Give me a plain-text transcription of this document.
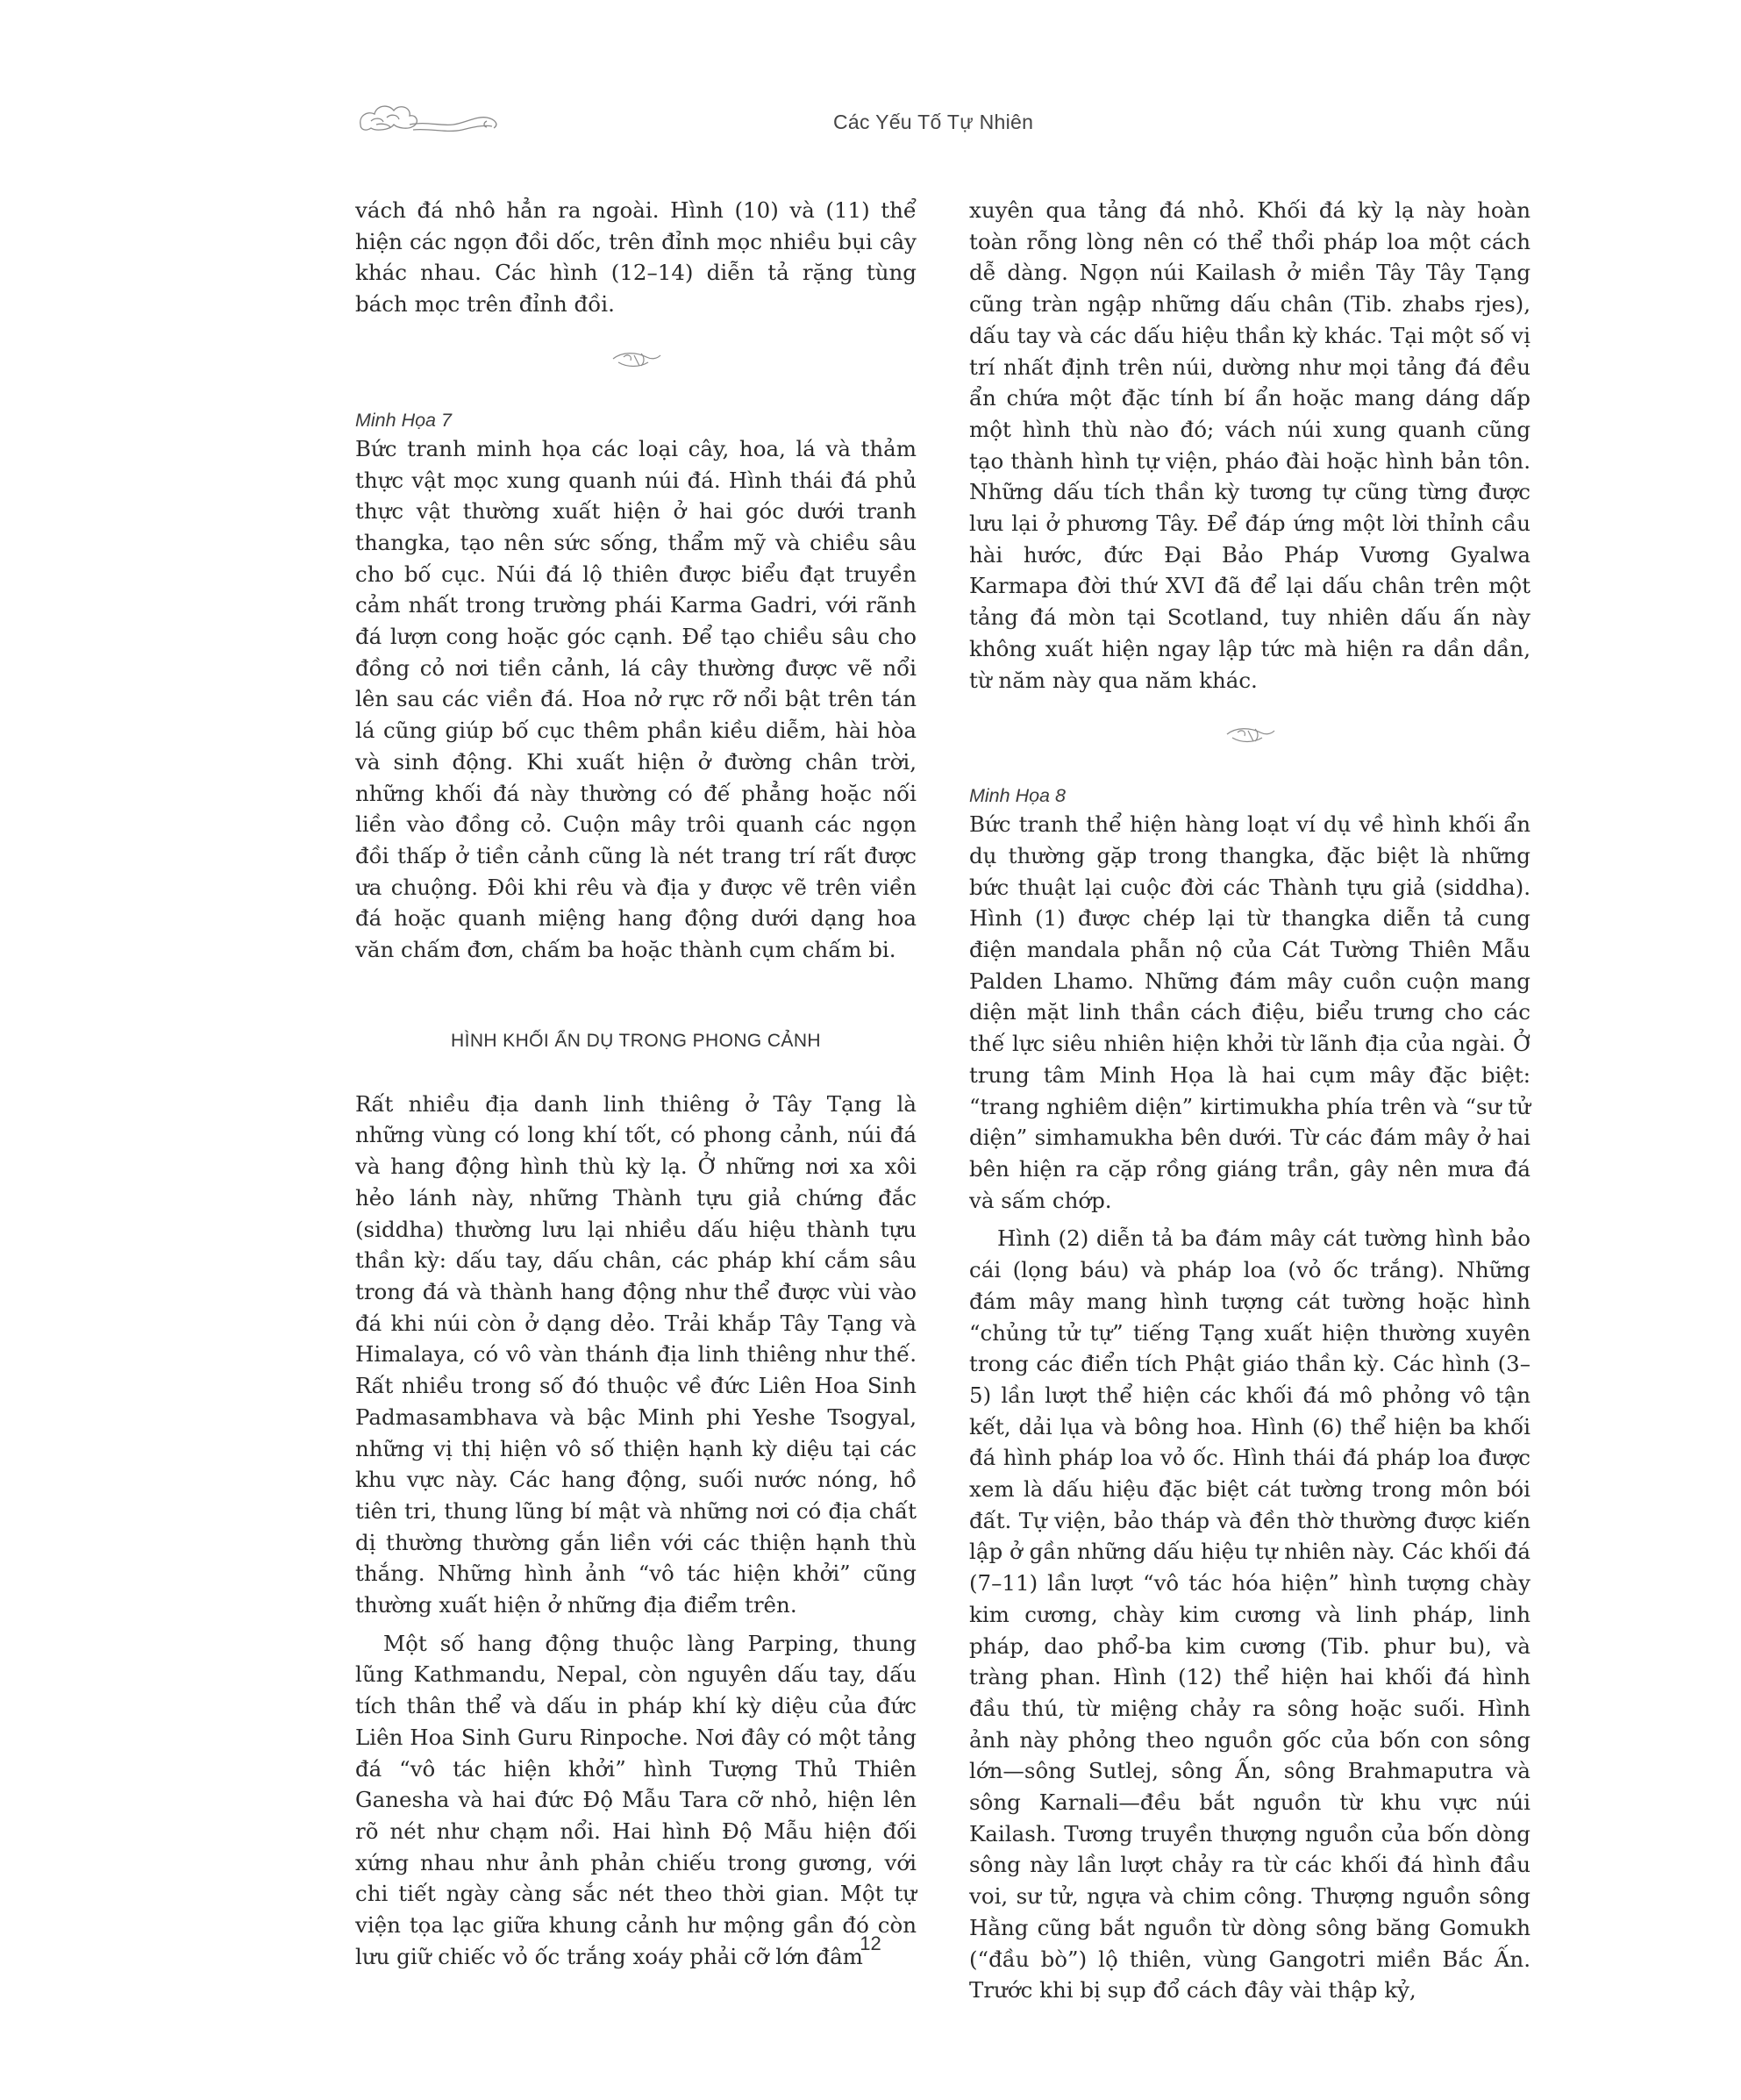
Các Yếu Tố Tự Nhiên

vách đá nhô hẳn ra ngoài. Hình (10) và (11) thể hiện các ngọn đồi dốc, trên đỉnh mọc nhiều bụi cây khác nhau. Các hình (12–14) diễn tả rặng tùng bách mọc trên đỉnh đồi.

Minh Họa 7

Bức tranh minh họa các loại cây, hoa, lá và thảm thực vật mọc xung quanh núi đá. Hình thái đá phủ thực vật thường xuất hiện ở hai góc dưới tranh thangka, tạo nên sức sống, thẩm mỹ và chiều sâu cho bố cục. Núi đá lộ thiên được biểu đạt truyền cảm nhất trong trường phái Karma Gadri, với rãnh đá lượn cong hoặc góc cạnh. Để tạo chiều sâu cho đồng cỏ nơi tiền cảnh, lá cây thường được vẽ nổi lên sau các viền đá. Hoa nở rực rỡ nổi bật trên tán lá cũng giúp bố cục thêm phần kiều diễm, hài hòa và sinh động. Khi xuất hiện ở đường chân trời, những khối đá này thường có đế phẳng hoặc nối liền vào đồng cỏ. Cuộn mây trôi quanh các ngọn đồi thấp ở tiền cảnh cũng là nét trang trí rất được ưa chuộng. Đôi khi rêu và địa y được vẽ trên viền đá hoặc quanh miệng hang động dưới dạng hoa văn chấm đơn, chấm ba hoặc thành cụm chấm bi.

HÌNH KHỐI ẨN DỤ TRONG PHONG CẢNH

Rất nhiều địa danh linh thiêng ở Tây Tạng là những vùng có long khí tốt, có phong cảnh, núi đá và hang động hình thù kỳ lạ. Ở những nơi xa xôi hẻo lánh này, những Thành tựu giả chứng đắc (siddha) thường lưu lại nhiều dấu hiệu thành tựu thần kỳ: dấu tay, dấu chân, các pháp khí cắm sâu trong đá và thành hang động như thể được vùi vào đá khi núi còn ở dạng dẻo. Trải khắp Tây Tạng và Himalaya, có vô vàn thánh địa linh thiêng như thế. Rất nhiều trong số đó thuộc về đức Liên Hoa Sinh Padmasambhava và bậc Minh phi Yeshe Tsogyal, những vị thị hiện vô số thiện hạnh kỳ diệu tại các khu vực này. Các hang động, suối nước nóng, hồ tiên tri, thung lũng bí mật và những nơi có địa chất dị thường thường gắn liền với các thiện hạnh thù thắng. Những hình ảnh “vô tác hiện khởi” cũng thường xuất hiện ở những địa điểm trên.

Một số hang động thuộc làng Parping, thung lũng Kathmandu, Nepal, còn nguyên dấu tay, dấu tích thân thể và dấu in pháp khí kỳ diệu của đức Liên Hoa Sinh Guru Rinpoche. Nơi đây có một tảng đá “vô tác hiện khởi” hình Tượng Thủ Thiên Ganesha và hai đức Độ Mẫu Tara cỡ nhỏ, hiện lên rõ nét như chạm nổi. Hai hình Độ Mẫu hiện đối xứng nhau như ảnh phản chiếu trong gương, với chi tiết ngày càng sắc nét theo thời gian. Một tự viện tọa lạc giữa khung cảnh hư mộng gần đó còn lưu giữ chiếc vỏ ốc trắng xoáy phải cỡ lớn đâm

xuyên qua tảng đá nhỏ. Khối đá kỳ lạ này hoàn toàn rỗng lòng nên có thể thổi pháp loa một cách dễ dàng. Ngọn núi Kailash ở miền Tây Tây Tạng cũng tràn ngập những dấu chân (Tib. zhabs rjes), dấu tay và các dấu hiệu thần kỳ khác. Tại một số vị trí nhất định trên núi, dường như mọi tảng đá đều ẩn chứa một đặc tính bí ẩn hoặc mang dáng dấp một hình thù nào đó; vách núi xung quanh cũng tạo thành hình tự viện, pháo đài hoặc hình bản tôn. Những dấu tích thần kỳ tương tự cũng từng được lưu lại ở phương Tây. Để đáp ứng một lời thỉnh cầu hài hước, đức Đại Bảo Pháp Vương Gyalwa Karmapa đời thứ XVI đã để lại dấu chân trên một tảng đá mòn tại Scotland, tuy nhiên dấu ấn này không xuất hiện ngay lập tức mà hiện ra dần dần, từ năm này qua năm khác.

Minh Họa 8

Bức tranh thể hiện hàng loạt ví dụ về hình khối ẩn dụ thường gặp trong thangka, đặc biệt là những bức thuật lại cuộc đời các Thành tựu giả (siddha). Hình (1) được chép lại từ thangka diễn tả cung điện mandala phẫn nộ của Cát Tường Thiên Mẫu Palden Lhamo. Những đám mây cuồn cuộn mang diện mặt linh thần cách điệu, biểu trưng cho các thế lực siêu nhiên hiện khởi từ lãnh địa của ngài. Ở trung tâm Minh Họa là hai cụm mây đặc biệt: “trang nghiêm diện” kirtimukha phía trên và “sư tử diện” simhamukha bên dưới. Từ các đám mây ở hai bên hiện ra cặp rồng giáng trần, gây nên mưa đá và sấm chớp.

Hình (2) diễn tả ba đám mây cát tường hình bảo cái (lọng báu) và pháp loa (vỏ ốc trắng). Những đám mây mang hình tượng cát tường hoặc hình “chủng tử tự” tiếng Tạng xuất hiện thường xuyên trong các điển tích Phật giáo thần kỳ. Các hình (3–5) lần lượt thể hiện các khối đá mô phỏng vô tận kết, dải lụa và bông hoa. Hình (6) thể hiện ba khối đá hình pháp loa vỏ ốc. Hình thái đá pháp loa được xem là dấu hiệu đặc biệt cát tường trong môn bói đất. Tự viện, bảo tháp và đền thờ thường được kiến lập ở gần những dấu hiệu tự nhiên này. Các khối đá (7–11) lần lượt “vô tác hóa hiện” hình tượng chày kim cương, chày kim cương và linh pháp, linh pháp, dao phổ-ba kim cương (Tib. phur bu), và tràng phan. Hình (12) thể hiện hai khối đá hình đầu thú, từ miệng chảy ra sông hoặc suối. Hình ảnh này phỏng theo nguồn gốc của bốn con sông lớn—sông Sutlej, sông Ấn, sông Brahmaputra và sông Karnali—đều bắt nguồn từ khu vực núi Kailash. Tương truyền thượng nguồn của bốn dòng sông này lần lượt chảy ra từ các khối đá hình đầu voi, sư tử, ngựa và chim công. Thượng nguồn sông Hằng cũng bắt nguồn từ dòng sông băng Gomukh (“đầu bò”) lộ thiên, vùng Gangotri miền Bắc Ấn. Trước khi bị sụp đổ cách đây vài thập kỷ,

12
